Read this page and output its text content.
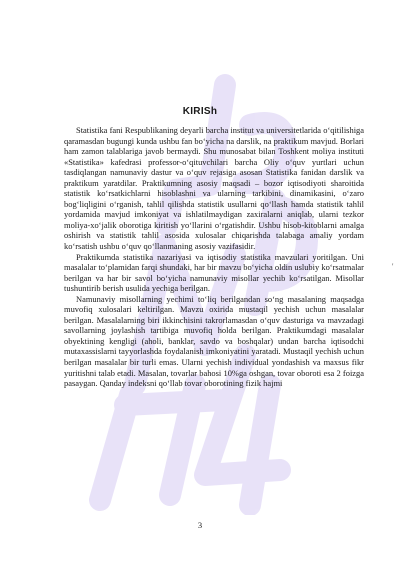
KIRISh

Statistika fani Respublikaning deyarli barcha institut va universitetlarida o‘qitilishiga qaramasdan bugungi kunda ushbu fan bo‘yicha na darslik, na praktikum mavjud. Borlari ham zamon talablariga javob bermaydi. Shu munosabat bilan Toshkent moliya instituti «Statistika» kafedrasi professor-o‘qituvchilari barcha Oliy o‘quv yurtlari uchun tasdiqlangan namunaviy dastur va o‘quv rejasiga asosan Statistika fanidan darslik va praktikum yaratdilar. Praktikumning asosiy maqsadi – bozor iqtisodiyoti sharoitida statistik ko‘rsatkichlarni hisoblashni va ularning tarkibini, dinamikasini, o‘zaro bog‘liqligini o‘rganish, tahlil qilishda statistik usullarni qo‘llash hamda statistik tahlil yordamida mavjud imkoniyat va ishlatilmaydigan zaxiralarni aniqlab, ularni tezkor moliya-xo‘jalik oborotiga kiritish yo‘llarini o‘rgatishdir. Ushbu hisob-kitoblarni amalga oshirish va statistik tahlil asosida xulosalar chiqarishda talabaga amaliy yordam ko‘rsatish ushbu o‘quv qo‘llanmaning asosiy vazifasidir.

Praktikumda statistika nazariyasi va iqtisodiy statistika mavzulari yoritilgan. Uni masalalar to‘plamidan farqi shundaki, har bir mavzu bo‘yicha oldin uslubiy ko‘rsatmalar berilgan va har bir savol bo‘yicha namunaviy misollar yechib ko‘rsatilgan. Misollar tushuntirib berish usulida yechiga berilgan.

Namunaviy misollarning yechimi to‘liq berilgandan so‘ng masalaning maqsadga muvofiq xulosalari keltirilgan. Mavzu oxirida mustaqil yechish uchun masalalar berilgan. Masalalarning biri ikkinchisini takrorlamasdan o‘quv dasturiga va mavzadagi savollarning joylashish tartibiga muvofiq holda berilgan. Praktikumdagi masalalar obyektining kengligi (aholi, banklar, savdo va boshqalar) undan barcha iqtisodchi mutaxassislarni tayyorlashda foydalanish imkoniyatini yaratadi. Mustaqil yechish uchun berilgan masalalar bir turli emas. Ularni yechish individual yondashish va maxsus fikr yuritishni talab etadi. Masalan, tovarlar bahosi 10%ga oshgan, tovar oboroti esa 2 foizga pasaygan. Qanday indeksni qo‘llab tovar oborotining fizik hajmi

'
3
